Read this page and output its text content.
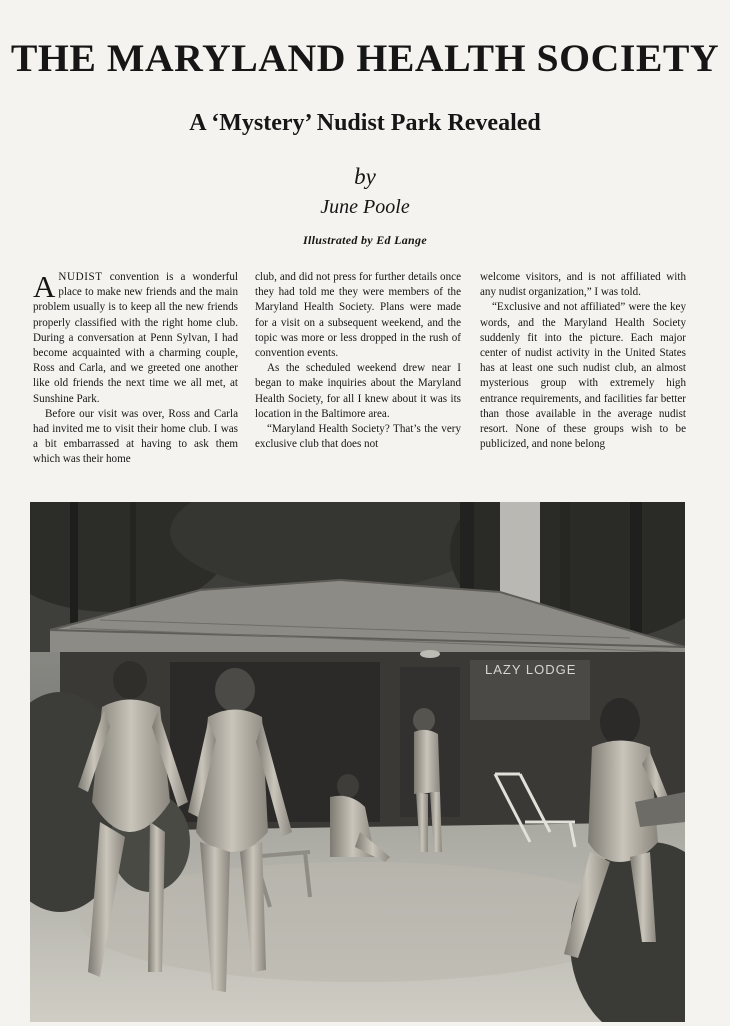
THE MARYLAND HEALTH SOCIETY
A ‘Mystery’ Nudist Park Revealed
by
June Poole
Illustrated by Ed Lange

ANUDIST convention is a wonderful place to make new friends and the main problem usually is to keep all the new friends properly classified with the right home club. During a conversation at Penn Sylvan, I had become acquainted with a charming couple, Ross and Carla, and we greeted one another like old friends the next time we all met, at Sunshine Park.

Before our visit was over, Ross and Carla had invited me to visit their home club. I was a bit embarrassed at having to ask them which was their home

club, and did not press for further details once they had told me they were members of the Maryland Health Society. Plans were made for a visit on a subsequent weekend, and the topic was more or less dropped in the rush of convention events.

As the scheduled weekend drew near I began to make inquiries about the Maryland Health Society, for all I knew about it was its location in the Baltimore area.

“Maryland Health Society? That’s the very exclusive club that does not

welcome visitors, and is not affiliated with any nudist organization,” I was told.

“Exclusive and not affiliated” were the key words, and the Maryland Health Society suddenly fit into the picture. Each major center of nudist activity in the United States has at least one such nudist club, an almost mysterious group with extremely high entrance requirements, and facilities far better than those available in the average nudist resort. None of these groups wish to be publicized, and none belong

LAZY LODGE
